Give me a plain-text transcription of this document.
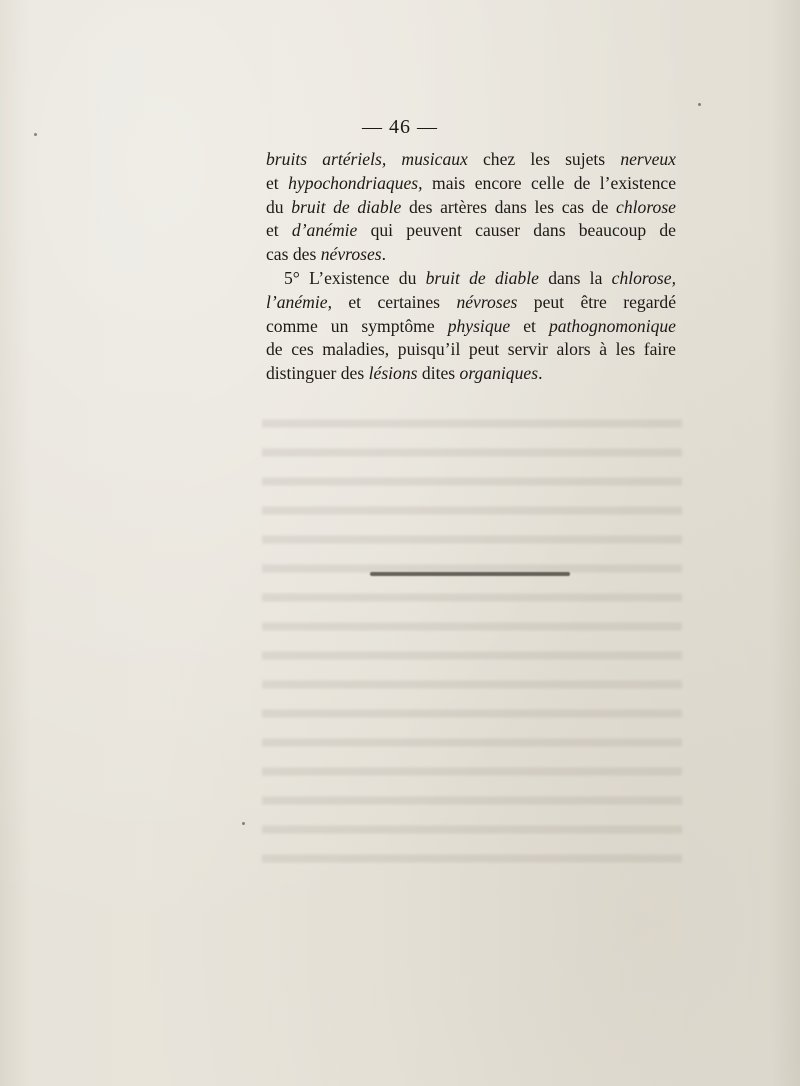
— 46 —
bruits artériels, musicaux chez les sujets nerveux
et hypochondriaques, mais encore celle de l’existence
du bruit de diable des artères dans les cas de chlorose
et d’anémie qui peuvent causer dans beaucoup de
cas des névroses.
5° L’existence du bruit de diable dans la chlorose,
l’anémie, et certaines névroses peut être regardé
comme un symptôme physique et pathognomonique
de ces maladies, puisqu’il peut servir alors à les faire
distinguer des lésions dites organiques.
